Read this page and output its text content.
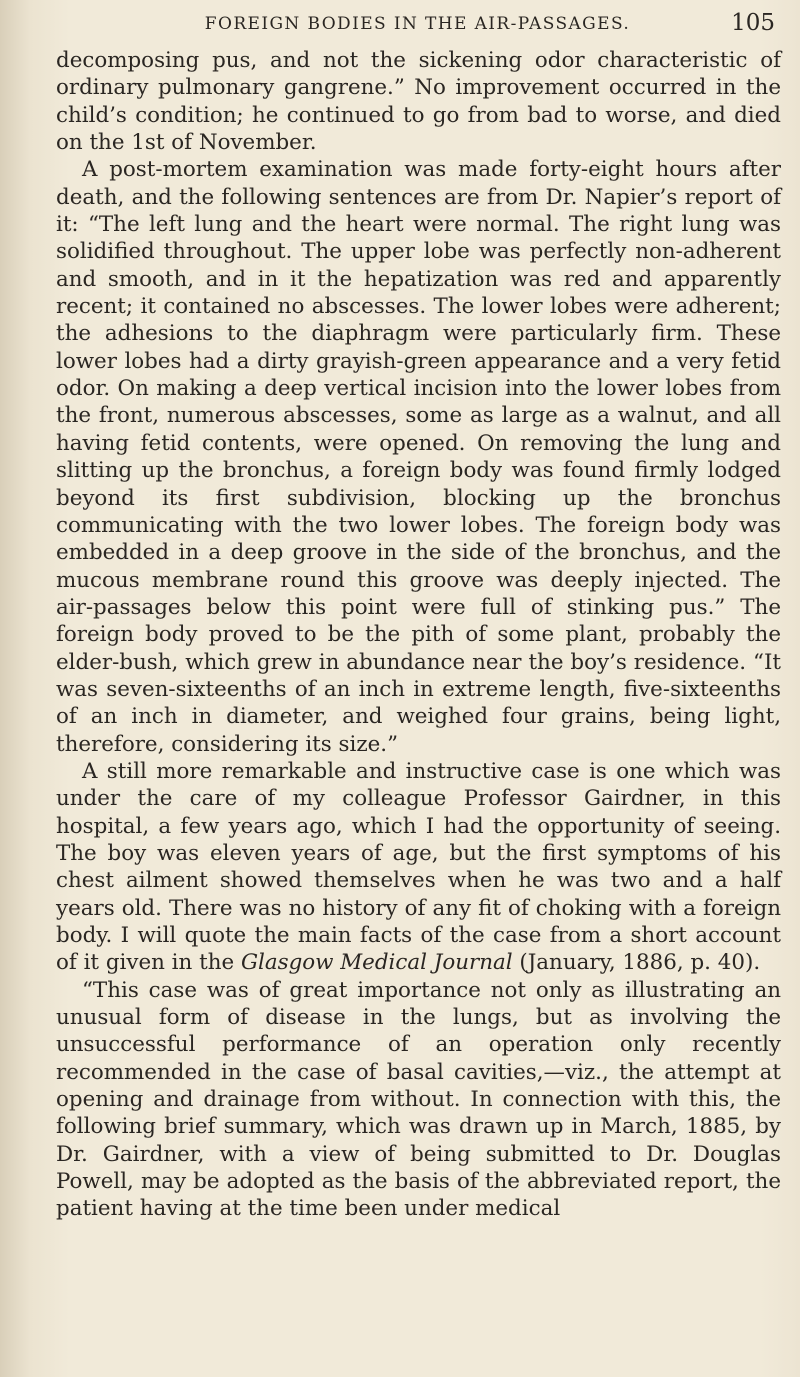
FOREIGN BODIES IN THE AIR-PASSAGES.	105

decomposing pus, and not the sickening odor characteristic of ordinary pulmonary gangrene.” No improvement occurred in the child’s condition; he continued to go from bad to worse, and died on the 1st of November.

A post-mortem examination was made forty-eight hours after death, and the following sentences are from Dr. Napier’s report of it: “The left lung and the heart were normal. The right lung was solidified throughout. The upper lobe was perfectly non-adherent and smooth, and in it the hepatization was red and apparently recent; it contained no abscesses. The lower lobes were adherent; the adhesions to the diaphragm were particularly firm. These lower lobes had a dirty grayish-green appearance and a very fetid odor. On making a deep vertical incision into the lower lobes from the front, numerous abscesses, some as large as a walnut, and all having fetid contents, were opened. On removing the lung and slitting up the bronchus, a foreign body was found firmly lodged beyond its first subdivision, blocking up the bronchus communicating with the two lower lobes. The foreign body was embedded in a deep groove in the side of the bronchus, and the mucous membrane round this groove was deeply injected. The air-passages below this point were full of stinking pus.” The foreign body proved to be the pith of some plant, probably the elder-bush, which grew in abundance near the boy’s residence. “It was seven-sixteenths of an inch in extreme length, five-sixteenths of an inch in diameter, and weighed four grains, being light, therefore, considering its size.”

A still more remarkable and instructive case is one which was under the care of my colleague Professor Gairdner, in this hospital, a few years ago, which I had the opportunity of seeing. The boy was eleven years of age, but the first symptoms of his chest ailment showed themselves when he was two and a half years old. There was no history of any fit of choking with a foreign body. I will quote the main facts of the case from a short account of it given in the Glasgow Medical Journal (January, 1886, p. 40).

“This case was of great importance not only as illustrating an unusual form of disease in the lungs, but as involving the unsuccessful performance of an operation only recently recommended in the case of basal cavities,—viz., the attempt at opening and drainage from without. In connection with this, the following brief summary, which was drawn up in March, 1885, by Dr. Gairdner, with a view of being submitted to Dr. Douglas Powell, may be adopted as the basis of the abbreviated report, the patient having at the time been under medical
